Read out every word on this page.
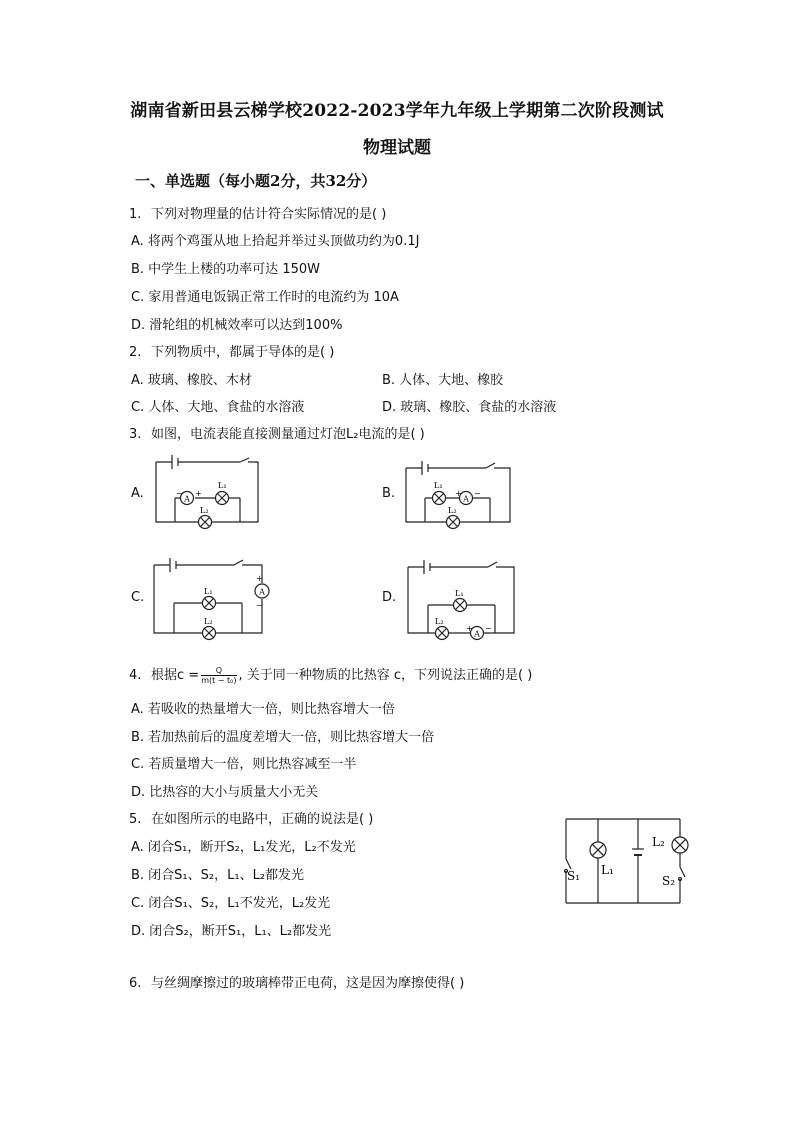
湖南省新田县云梯学校2022-2023学年九年级上学期第二次阶段测试
物理试题
一、单选题（每小题2分，共32分）
1. 下列对物理量的估计符合实际情况的是( )
A. 将两个鸡蛋从地上拾起并举过头顶做功约为0.1J
B. 中学生上楼的功率可达 150W
C. 家用普通电饭锅正常工作时的电流约为 10A
D. 滑轮组的机械效率可以达到100%
2. 下列物质中，都属于导体的是( )
A. 玻璃、橡胶、木材	B. 人体、大地、橡胶
C. 人体、大地、食盐的水溶液	D. 玻璃、橡胶、食盐的水溶液
3. 如图，电流表能直接测量通过灯泡L₂电流的是( )
A.	B.
C.	D.
A
− +
L₁
L₂
A
+ −
L₁
L₂
A
+
−
L₁
L₂
A
+ −
L₁
L₂
4. 根据$c = \frac{Q}{\text{m(t − t₀)}}$ , 关于同一种物质的比热容 c，下列说法正确的是( )
A. 若吸收的热量增大一倍，则比热容增大一倍
B. 若加热前后的温度差增大一倍，则比热容增大一倍
C. 若质量增大一倍，则比热容减至一半
D. 比热容的大小与质量大小无关
5. 在如图所示的电路中，正确的说法是( )
A. 闭合S₁，断开S₂，L₁发光，L₂不发光
B. 闭合S₁、S₂，L₁、L₂都发光
C. 闭合S₁、S₂，L₁不发光，L₂发光
D. 闭合S₂，断开S₁，L₁、L₂都发光
S₁ L₁
L₂
S₂
6. 与丝绸摩擦过的玻璃棒带正电荷，这是因为摩擦使得( )
